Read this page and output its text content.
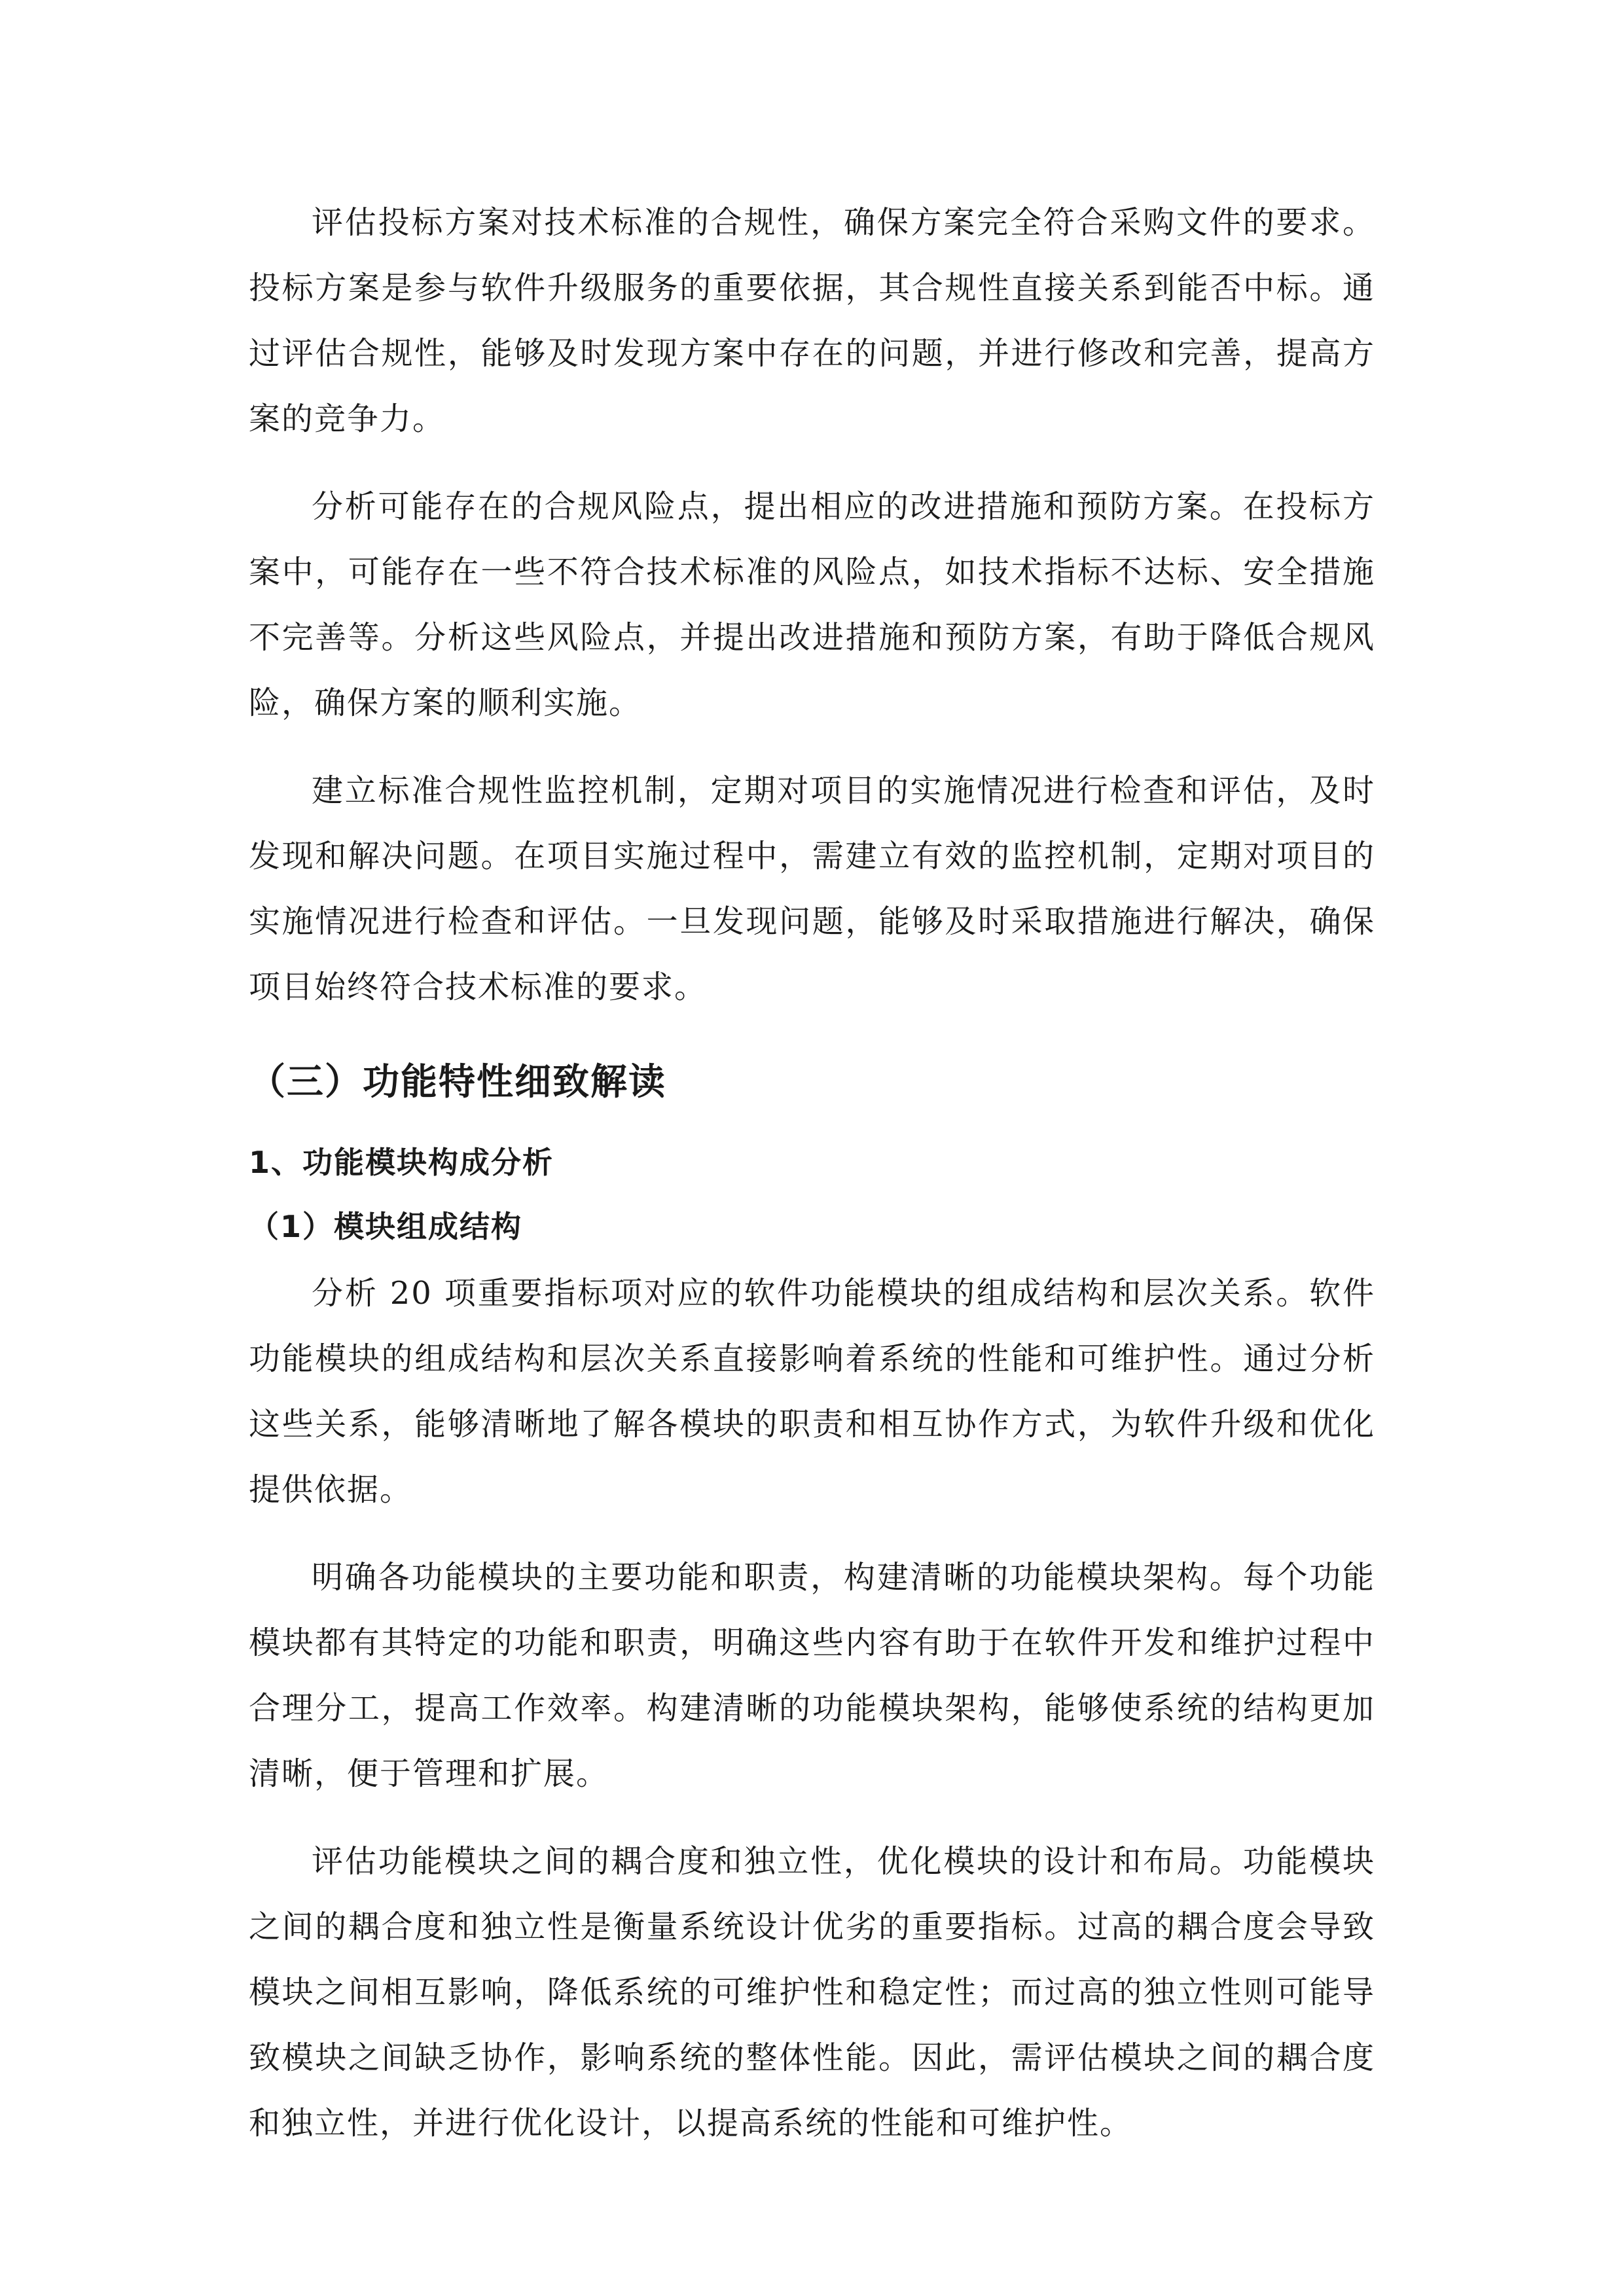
评估投标方案对技术标准的合规性，确保方案完全符合采购文件的要求。投标方案是参与软件升级服务的重要依据，其合规性直接关系到能否中标。通过评估合规性，能够及时发现方案中存在的问题，并进行修改和完善，提高方案的竞争力。

分析可能存在的合规风险点，提出相应的改进措施和预防方案。在投标方案中，可能存在一些不符合技术标准的风险点，如技术指标不达标、安全措施不完善等。分析这些风险点，并提出改进措施和预防方案，有助于降低合规风险，确保方案的顺利实施。

建立标准合规性监控机制，定期对项目的实施情况进行检查和评估，及时发现和解决问题。在项目实施过程中，需建立有效的监控机制，定期对项目的实施情况进行检查和评估。一旦发现问题，能够及时采取措施进行解决，确保项目始终符合技术标准的要求。

（三）功能特性细致解读
1、功能模块构成分析
（1）模块组成结构

分析 20 项重要指标项对应的软件功能模块的组成结构和层次关系。软件功能模块的组成结构和层次关系直接影响着系统的性能和可维护性。通过分析这些关系，能够清晰地了解各模块的职责和相互协作方式，为软件升级和优化提供依据。

明确各功能模块的主要功能和职责，构建清晰的功能模块架构。每个功能模块都有其特定的功能和职责，明确这些内容有助于在软件开发和维护过程中合理分工，提高工作效率。构建清晰的功能模块架构，能够使系统的结构更加清晰，便于管理和扩展。

评估功能模块之间的耦合度和独立性，优化模块的设计和布局。功能模块之间的耦合度和独立性是衡量系统设计优劣的重要指标。过高的耦合度会导致模块之间相互影响，降低系统的可维护性和稳定性；而过高的独立性则可能导致模块之间缺乏协作，影响系统的整体性能。因此，需评估模块之间的耦合度和独立性，并进行优化设计，以提高系统的性能和可维护性。
